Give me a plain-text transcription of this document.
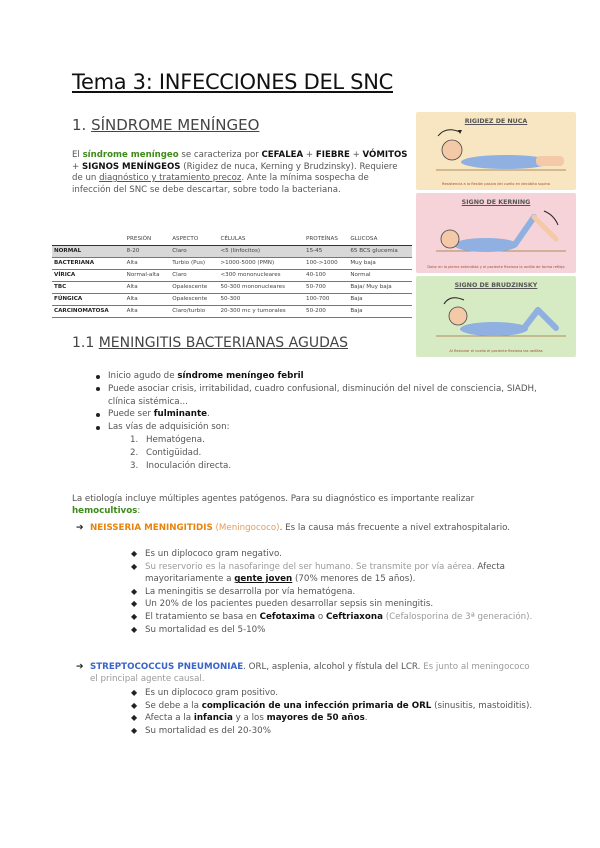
Tema 3: INFECCIONES DEL SNC
1. SÍNDROME MENÍNGEO
El síndrome meníngeo se caracteriza por CEFALEA + FIEBRE + VÓMITOS + SIGNOS MENÍNGEOS (Rigidez de nuca, Kerning y Brudzinsky). Requiere de un diagnóstico y tratamiento precoz. Ante la mínima sospecha de infección del SNC se debe descartar, sobre todo la bacteriana.
	PRESIÓN	ASPECTO	CÉLULAS	PROTEÍNAS	GLUCOSA
NORMAL	8-20	Claro	<5 (linfocitos)	15-45	65 BCS glucemia
BACTERIANA	Alta	Turbio (Pus)	>1000-5000 (PMN)	100->1000	Muy baja
VÍRICA	Normal-alta	Claro	<300 mononucleares	40-100	Normal
TBC	Alta	Opalescente	50-300 mononucleares	50-700	Baja/ Muy baja
FÚNGICA	Alta	Opalescente	50-300	100-700	Baja
CARCINOMATOSA	Alta	Claro/turbio	20-300 mc y tumorales	50-200	Baja
RIGIDEZ DE NUCA
Resistencia a la flexión pasiva del cuello en decúbito supino
SIGNO DE KERNING
Dolor en la pierna extendida y el paciente flexiona la rodilla de forma refleja
SIGNO DE BRUDZINSKY
Al flexionar el cuello el paciente flexiona las rodillas
1.1 MENINGITIS BACTERIANAS AGUDAS
Inicio agudo de síndrome meníngeo febril
Puede asociar crisis, irritabilidad, cuadro confusional, disminución del nivel de consciencia, SIADH, clínica sistémica...
Puede ser fulminante.
Las vías de adquisición son:
1. Hematógena.
2. Contigüidad.
3. Inoculación directa.
La etiología incluye múltiples agentes patógenos. Para su diagnóstico es importante realizar hemocultivos:
➔ NEISSERIA MENINGITIDIS (Meningococo). Es la causa más frecuente a nivel extrahospitalario.
◆ Es un diplococo gram negativo.
◆ Su reservorio es la nasofaringe del ser humano. Se transmite por vía aérea. Afecta mayoritariamente a gente joven (70% menores de 15 años).
◆ La meningitis se desarrolla por vía hematógena.
◆ Un 20% de los pacientes pueden desarrollar sepsis sin meningitis.
◆ El tratamiento se basa en Cefotaxima o Ceftriaxona (Cefalosporina de 3ª generación).
◆ Su mortalidad es del 5-10%
➔ STREPTOCOCCUS PNEUMONIAE. ORL, asplenia, alcohol y fístula del LCR. Es junto al meningococo el principal agente causal.
◆ Es un diplococo gram positivo.
◆ Se debe a la complicación de una infección primaria de ORL (sinusitis, mastoiditis).
◆ Afecta a la infancia y a los mayores de 50 años.
◆ Su mortalidad es del 20-30%
